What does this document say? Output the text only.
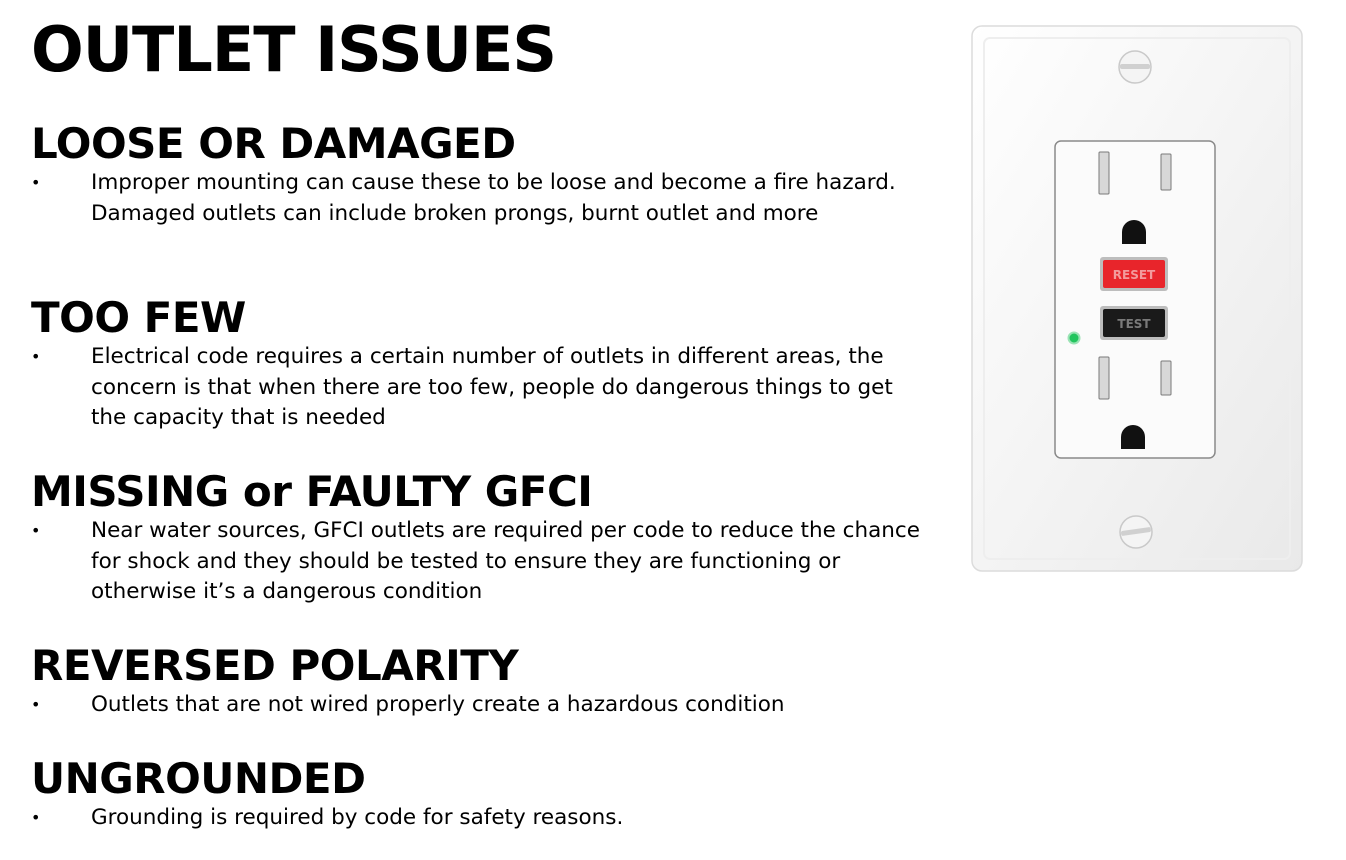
OUTLET ISSUES
LOOSE OR DAMAGED
• Improper mounting can cause these to be loose and become a fire hazard. Damaged outlets can include broken prongs, burnt outlet and more
TOO FEW
• Electrical code requires a certain number of outlets in different areas, the concern is that when there are too few, people do dangerous things to get the capacity that is needed
MISSING or FAULTY GFCI
• Near water sources, GFCI outlets are required per code to reduce the chance for shock and they should be tested to ensure they are functioning or otherwise it’s a dangerous condition
REVERSED POLARITY
• Outlets that are not wired properly create a hazardous condition
UNGROUNDED
• Grounding is required by code for safety reasons.
RESET
TEST
